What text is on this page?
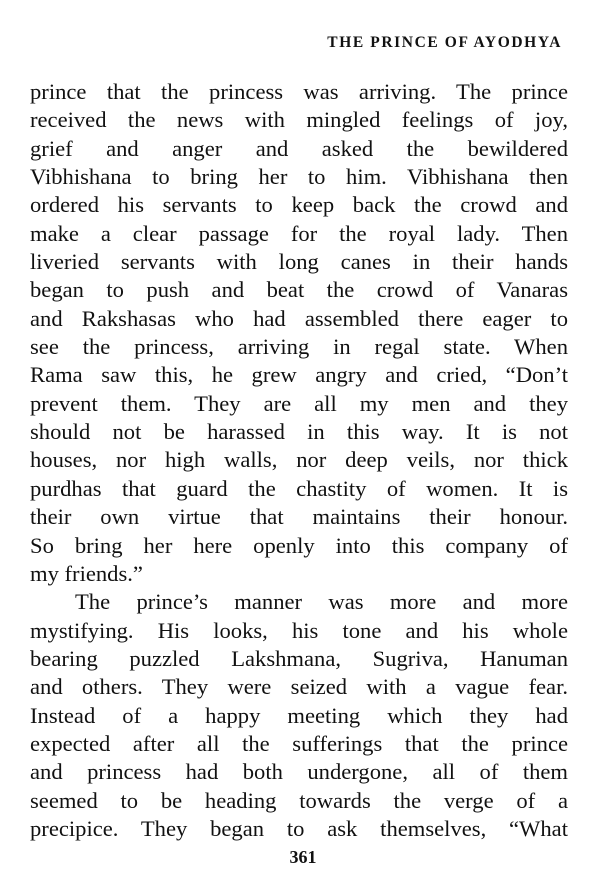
THE PRINCE OF AYODHYA
prince that the princess was arriving. The prince
received the news with mingled feelings of joy,
grief and anger and asked the bewildered
Vibhishana to bring her to him. Vibhishana then
ordered his servants to keep back the crowd and
make a clear passage for the royal lady. Then
liveried servants with long canes in their hands
began to push and beat the crowd of Vanaras
and Rakshasas who had assembled there eager to
see the princess, arriving in regal state. When
Rama saw this, he grew angry and cried, “Don’t
prevent them. They are all my men and they
should not be harassed in this way. It is not
houses, nor high walls, nor deep veils, nor thick
purdhas that guard the chastity of women. It is
their own virtue that maintains their honour.
So bring her here openly into this company of
my friends.”
The prince’s manner was more and more
mystifying. His looks, his tone and his whole
bearing puzzled Lakshmana, Sugriva, Hanuman
and others. They were seized with a vague fear.
Instead of a happy meeting which they had
expected after all the sufferings that the prince
and princess had both undergone, all of them
seemed to be heading towards the verge of a
precipice. They began to ask themselves, “What
361
